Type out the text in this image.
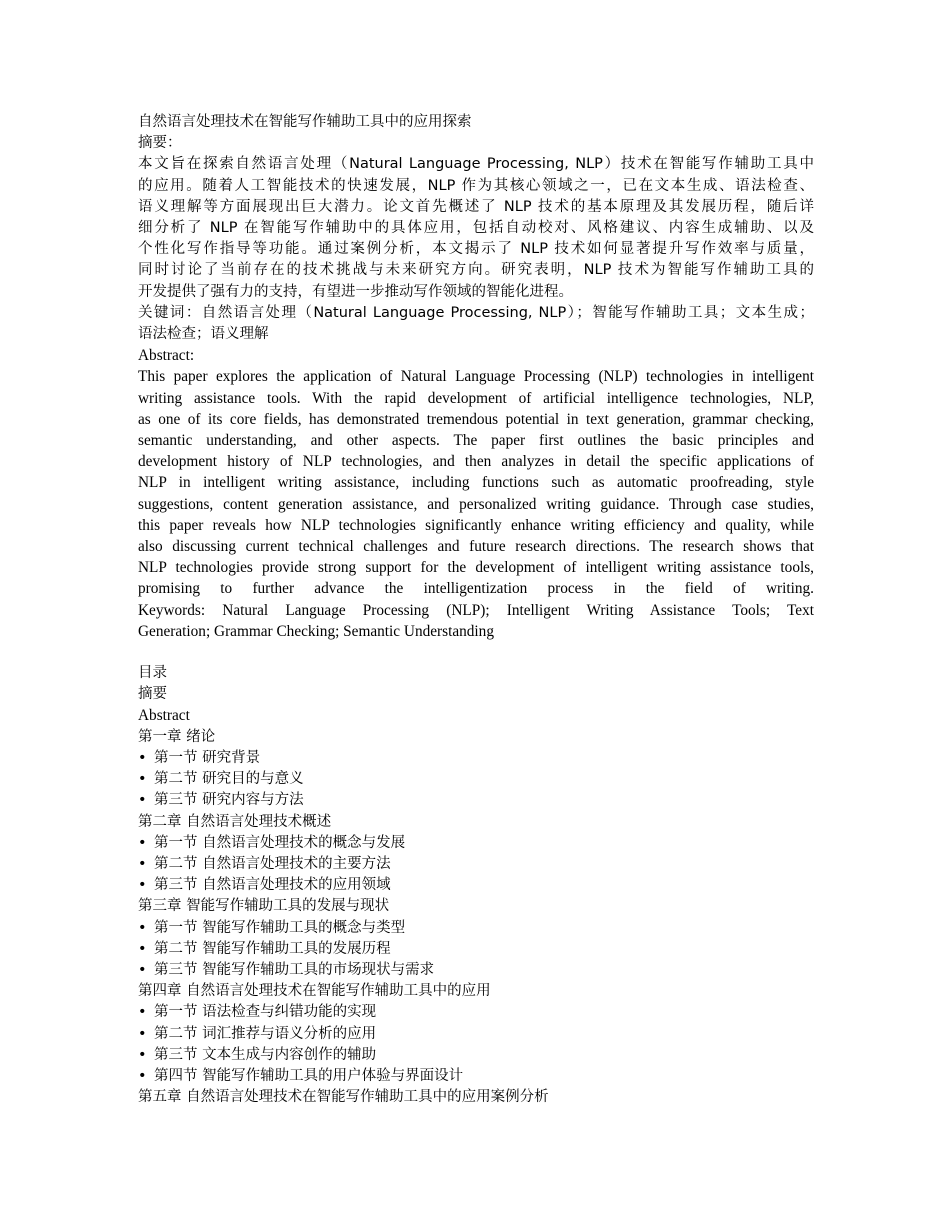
自然语言处理技术在智能写作辅助工具中的应用探索
摘要：
本文旨在探索自然语言处理（Natural Language Processing, NLP）技术在智能写作辅助工具中
的应用。随着人工智能技术的快速发展，NLP 作为其核心领域之一，已在文本生成、语法检查、
语义理解等方面展现出巨大潜力。论文首先概述了 NLP 技术的基本原理及其发展历程，随后详
细分析了 NLP 在智能写作辅助中的具体应用，包括自动校对、风格建议、内容生成辅助、以及
个性化写作指导等功能。通过案例分析，本文揭示了 NLP 技术如何显著提升写作效率与质量，
同时讨论了当前存在的技术挑战与未来研究方向。研究表明，NLP 技术为智能写作辅助工具的
开发提供了强有力的支持，有望进一步推动写作领域的智能化进程。
关键词：自然语言处理（Natural Language Processing, NLP）；智能写作辅助工具；文本生成；
语法检查；语义理解
Abstract:
This paper explores the application of Natural Language Processing (NLP) technologies in intelligent
writing assistance tools. With the rapid development of artificial intelligence technologies, NLP,
as one of its core fields, has demonstrated tremendous potential in text generation, grammar checking,
semantic understanding, and other aspects. The paper first outlines the basic principles and
development history of NLP technologies, and then analyzes in detail the specific applications of
NLP in intelligent writing assistance, including functions such as automatic proofreading, style
suggestions, content generation assistance, and personalized writing guidance. Through case studies,
this paper reveals how NLP technologies significantly enhance writing efficiency and quality, while
also discussing current technical challenges and future research directions. The research shows that
NLP technologies provide strong support for the development of intelligent writing assistance tools,
promising to further advance the intelligentization process in the field of writing.
Keywords: Natural Language Processing (NLP); Intelligent Writing Assistance Tools; Text
Generation; Grammar Checking; Semantic Understanding
目录
摘要
Abstract
第一章 绪论
• 第一节 研究背景
• 第二节 研究目的与意义
• 第三节 研究内容与方法
第二章 自然语言处理技术概述
• 第一节 自然语言处理技术的概念与发展
• 第二节 自然语言处理技术的主要方法
• 第三节 自然语言处理技术的应用领域
第三章 智能写作辅助工具的发展与现状
• 第一节 智能写作辅助工具的概念与类型
• 第二节 智能写作辅助工具的发展历程
• 第三节 智能写作辅助工具的市场现状与需求
第四章 自然语言处理技术在智能写作辅助工具中的应用
• 第一节 语法检查与纠错功能的实现
• 第二节 词汇推荐与语义分析的应用
• 第三节 文本生成与内容创作的辅助
• 第四节 智能写作辅助工具的用户体验与界面设计
第五章 自然语言处理技术在智能写作辅助工具中的应用案例分析
